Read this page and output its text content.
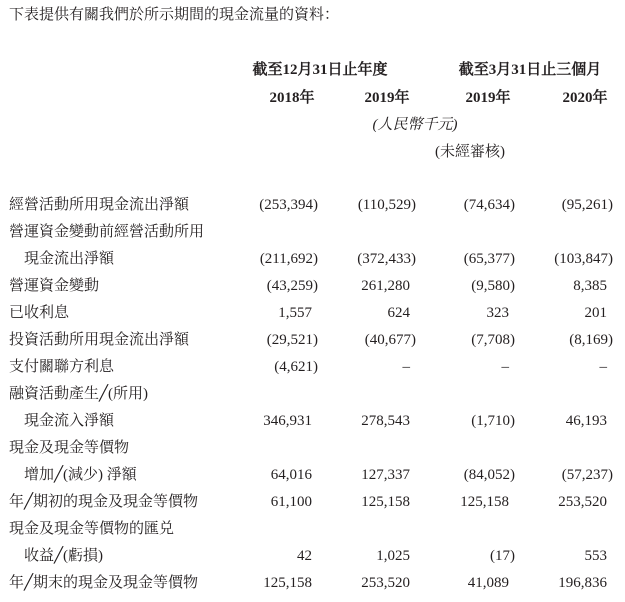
下表提供有關我們於所示期間的現金流量的資料：
截至12月31日止年度	截至3月31日止三個月
2018年	2019年	2019年	2020年
(人民幣千元)
(未經審核)
經營活動所用現金流出淨額	(253,394)	(110,529)	(74,634)	(95,261)
營運資金變動前經營活動所用
現金流出淨額	(211,692)	(372,433)	(65,377)	(103,847)
營運資金變動	(43,259)	261,280	(9,580)	8,385
已收利息	1,557	624	323	201
投資活動所用現金流出淨額	(29,521)	(40,677)	(7,708)	(8,169)
支付關聯方利息	(4,621)	–	–	–
融資活動產生╱(所用)
現金流入淨額	346,931	278,543	(1,710)	46,193
現金及現金等價物
增加╱(減少) 淨額	64,016	127,337	(84,052)	(57,237)
年╱期初的現金及現金等價物	61,100	125,158	125,158	253,520
現金及現金等價物的匯兑
收益╱(虧損)	42	1,025	(17)	553
年╱期末的現金及現金等價物	125,158	253,520	41,089	196,836
